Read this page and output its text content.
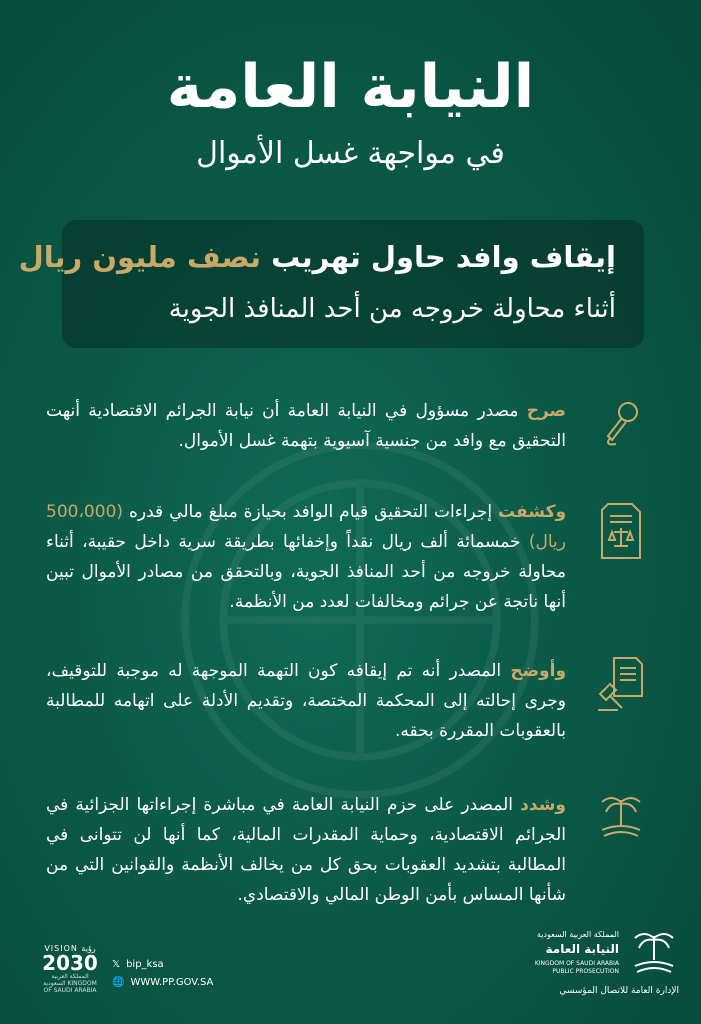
النيابة العامة
في مواجهة غسل الأموال
إيقاف وافد حاول تهريب نصف مليون ريال
أثناء محاولة خروجه من أحد المنافذ الجوية
صرح مصدر مسؤول في النيابة العامة أن نيابة الجرائم الاقتصادية أنهت التحقيق مع وافد من جنسية آسيوية بتهمة غسل الأموال.
وكشفت إجراءات التحقيق قيام الوافد بحيازة مبلغ مالي قدره (500،000 ريال) خمسمائة ألف ريال نقداً وإخفائها بطريقة سرية داخل حقيبة، أثناء محاولة خروجه من أحد المنافذ الجوية، وبالتحقق من مصادر الأموال تبين أنها ناتجة عن جرائم ومخالفات لعدد من الأنظمة.
وأوضح المصدر أنه تم إيقافه كون التهمة الموجهة له موجبة للتوقيف، وجرى إحالته إلى المحكمة المختصة، وتقديم الأدلة على اتهامه للمطالبة بالعقوبات المقررة بحقه.
وشدد المصدر على حزم النيابة العامة في مباشرة إجراءاتها الجزائية في الجرائم الاقتصادية، وحماية المقدرات المالية، كما أنها لن تتوانى في المطالبة بتشديد العقوبات بحق كل من يخالف الأنظمة والقوانين التي من شأنها المساس بأمن الوطن المالي والاقتصادي.
VISION رؤية
2030
المملكة العربية السعودية KINGDOM OF SAUDI ARABIA
𝕏 bip_ksa
🌐 WWW.PP.GOV.SA
المملكة العربية السعودية
النيابة العامة
KINGDOM OF SAUDI ARABIA
PUBLIC PROSECUTION
الإدارة العامة للاتصال المؤسسي
